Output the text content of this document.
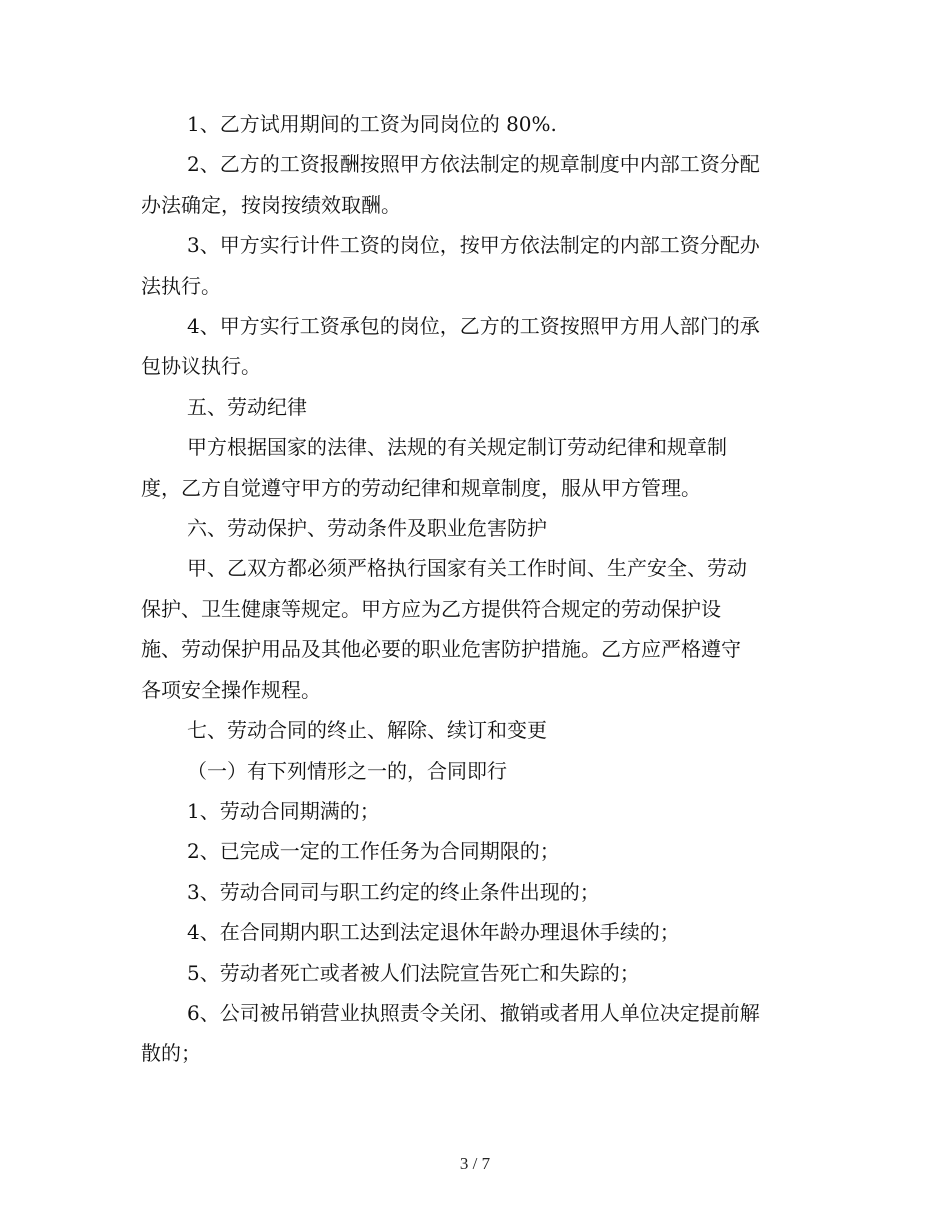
1、乙方试用期间的工资为同岗位的 80%.

2、乙方的工资报酬按照甲方依法制定的规章制度中内部工资分配
办法确定，按岗按绩效取酬。

3、甲方实行计件工资的岗位，按甲方依法制定的内部工资分配办
法执行。

4、甲方实行工资承包的岗位，乙方的工资按照甲方用人部门的承
包协议执行。

五、劳动纪律

甲方根据国家的法律、法规的有关规定制订劳动纪律和规章制
度，乙方自觉遵守甲方的劳动纪律和规章制度，服从甲方管理。

六、劳动保护、劳动条件及职业危害防护

甲、乙双方都必须严格执行国家有关工作时间、生产安全、劳动
保护、卫生健康等规定。甲方应为乙方提供符合规定的劳动保护设
施、劳动保护用品及其他必要的职业危害防护措施。乙方应严格遵守
各项安全操作规程。

七、劳动合同的终止、解除、续订和变更

（一）有下列情形之一的，合同即行

1、劳动合同期满的；

2、已完成一定的工作任务为合同期限的；

3、劳动合同司与职工约定的终止条件出现的；

4、在合同期内职工达到法定退休年龄办理退休手续的；

5、劳动者死亡或者被人们法院宣告死亡和失踪的；

6、公司被吊销营业执照责令关闭、撤销或者用人单位决定提前解
散的；

3 / 7
